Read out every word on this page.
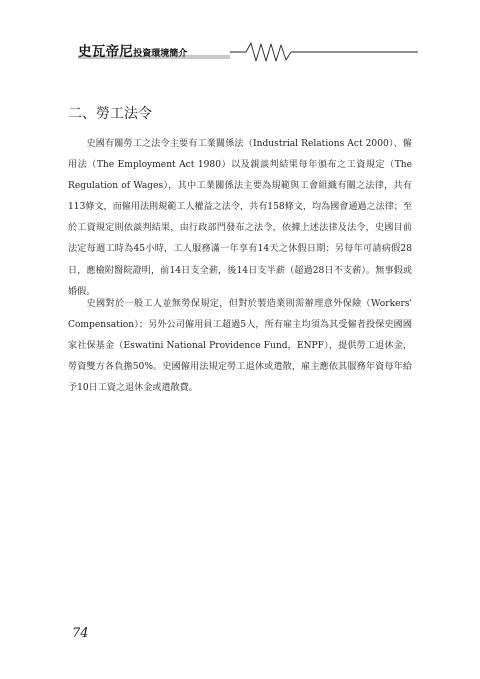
史瓦帝尼投資環境簡介
二、勞工法令

史國有關勞工之法令主要有工業關係法（Industrial Relations Act 2000）、僱用法（The Employment Act 1980）以及親談判結果每年頒布之工資規定（The Regulation of Wages），其中工業關係法主要為規範與工會組織有關之法律，共有113條文，而僱用法則規範工人權益之法令，共有158條文，均為國會通過之法律；至於工資規定則依談判結果，由行政部門發布之法令，依據上述法律及法令，史國目前法定每週工時為45小時，工人服務滿一年享有14天之休假日期；另每年可請病假28日，應檢附醫院證明，前14日支全薪，後14日支半薪（超過28日不支薪）。無事假或婚假。

史國對於一般工人並無勞保規定，但對於製造業則需辦理意外保險（Workers' Compensation）；另外公司僱用員工超過5人，所有雇主均須為其受僱者投保史國國家社保基金（Eswatini National Providence Fund，ENPF），提供勞工退休金，勞資雙方各負擔50%。史國僱用法規定勞工退休或遣散，雇主應依其服務年資每年給予10日工資之退休金或遣散費。

74
